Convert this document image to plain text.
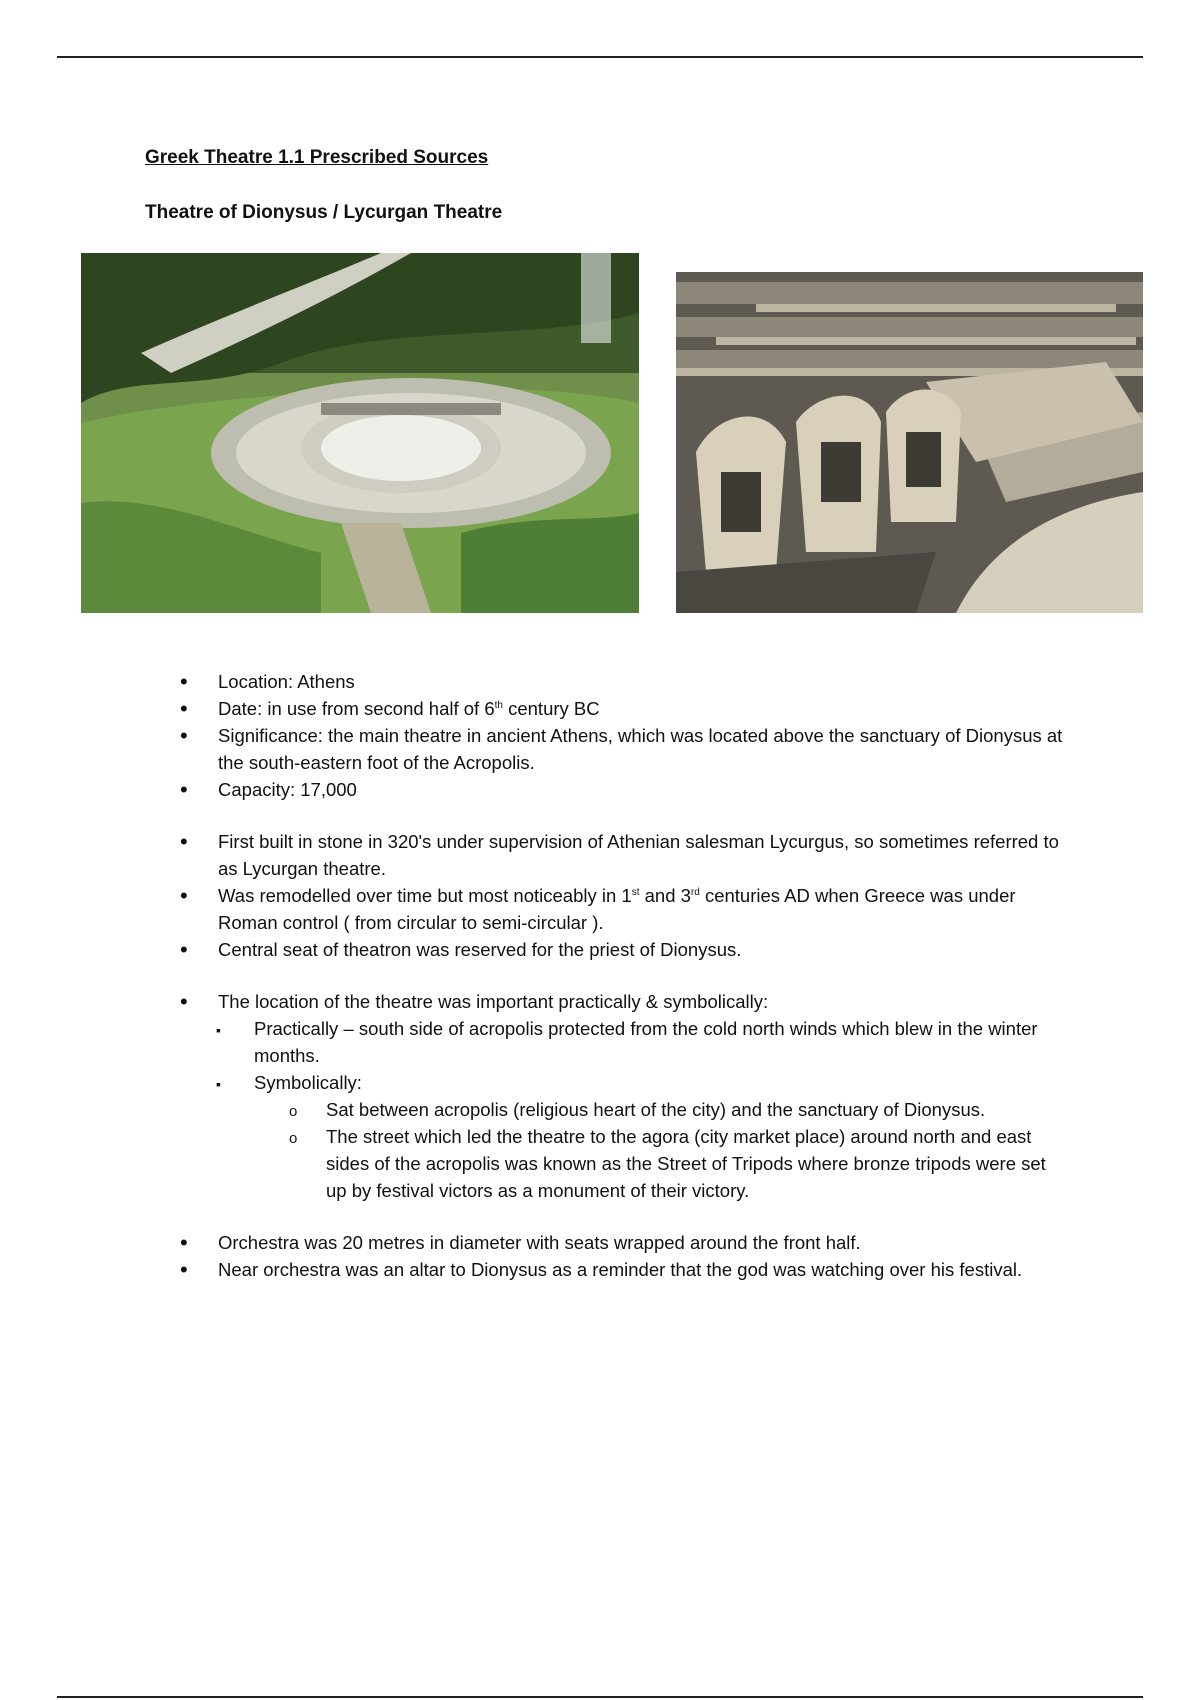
Greek Theatre 1.1 Prescribed Sources
Theatre of Dionysus / Lycurgan Theatre
•
Location: Athens
•
Date: in use from second half of 6th century BC
•
Significance: the main theatre in ancient Athens, which was located above the sanctuary of Dionysus at the south-eastern foot of the Acropolis.
•
Capacity: 17,000
•
First built in stone in 320's under supervision of Athenian salesman Lycurgus, so sometimes referred to as Lycurgan theatre.
•
Was remodelled over time but most noticeably in 1st and 3rd centuries AD when Greece was under Roman control ( from circular to semi-circular ).
•
Central seat of theatron was reserved for the priest of Dionysus.
•
The location of the theatre was important practically & symbolically:
▪
Practically – south side of acropolis protected from the cold north winds which blew in the winter months.
▪
Symbolically:
o
Sat between acropolis (religious heart of the city) and the sanctuary of Dionysus.
o
The street which led the theatre to the agora (city market place) around north and east sides of the acropolis was known as the Street of Tripods where bronze tripods were set up by festival victors as a monument of their victory.
•
Orchestra was 20 metres in diameter with seats wrapped around the front half.
•
Near orchestra was an altar to Dionysus as a reminder that the god was watching over his festival.
